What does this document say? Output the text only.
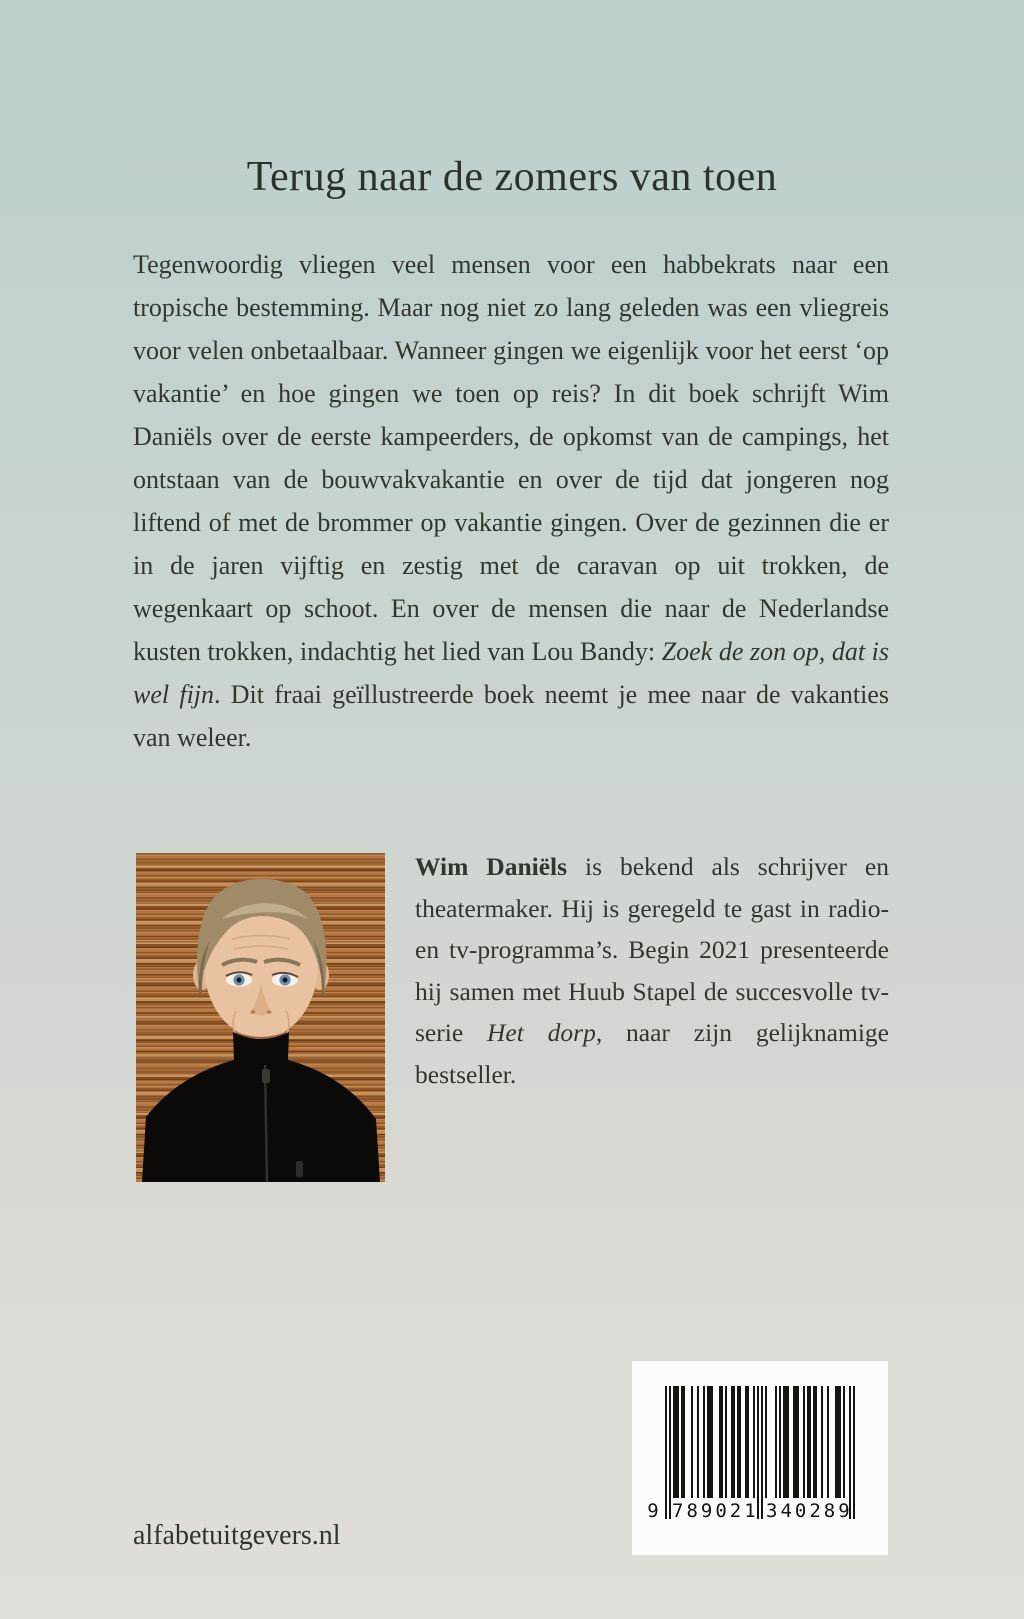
Terug naar de zomers van toen

Tegenwoordig vliegen veel mensen voor een habbekrats naar een tropische bestemming. Maar nog niet zo lang geleden was een vliegreis voor velen onbetaalbaar. Wanneer gingen we eigenlijk voor het eerst ‘op vakantie’ en hoe gingen we toen op reis? In dit boek schrijft Wim Daniëls over de eerste kampeerders, de opkomst van de campings, het ontstaan van de bouwvakvakantie en over de tijd dat jongeren nog liftend of met de brommer op vakantie gingen. Over de gezinnen die er in de jaren vijftig en zestig met de caravan op uit trokken, de wegenkaart op schoot. En over de mensen die naar de Nederlandse kusten trokken, indachtig het lied van Lou Bandy: Zoek de zon op, dat is wel fijn. Dit fraai geïllustreerde boek neemt je mee naar de vakanties van weleer.

Wim Daniëls is bekend als schrijver en theatermaker. Hij is geregeld te gast in radio- en tv-programma’s. Begin 2021 presenteerde hij samen met Huub Stapel de succesvolle tv-serie Het dorp, naar zijn gelijknamige bestseller.

alfabetuitgevers.nl
9 789021 340289
